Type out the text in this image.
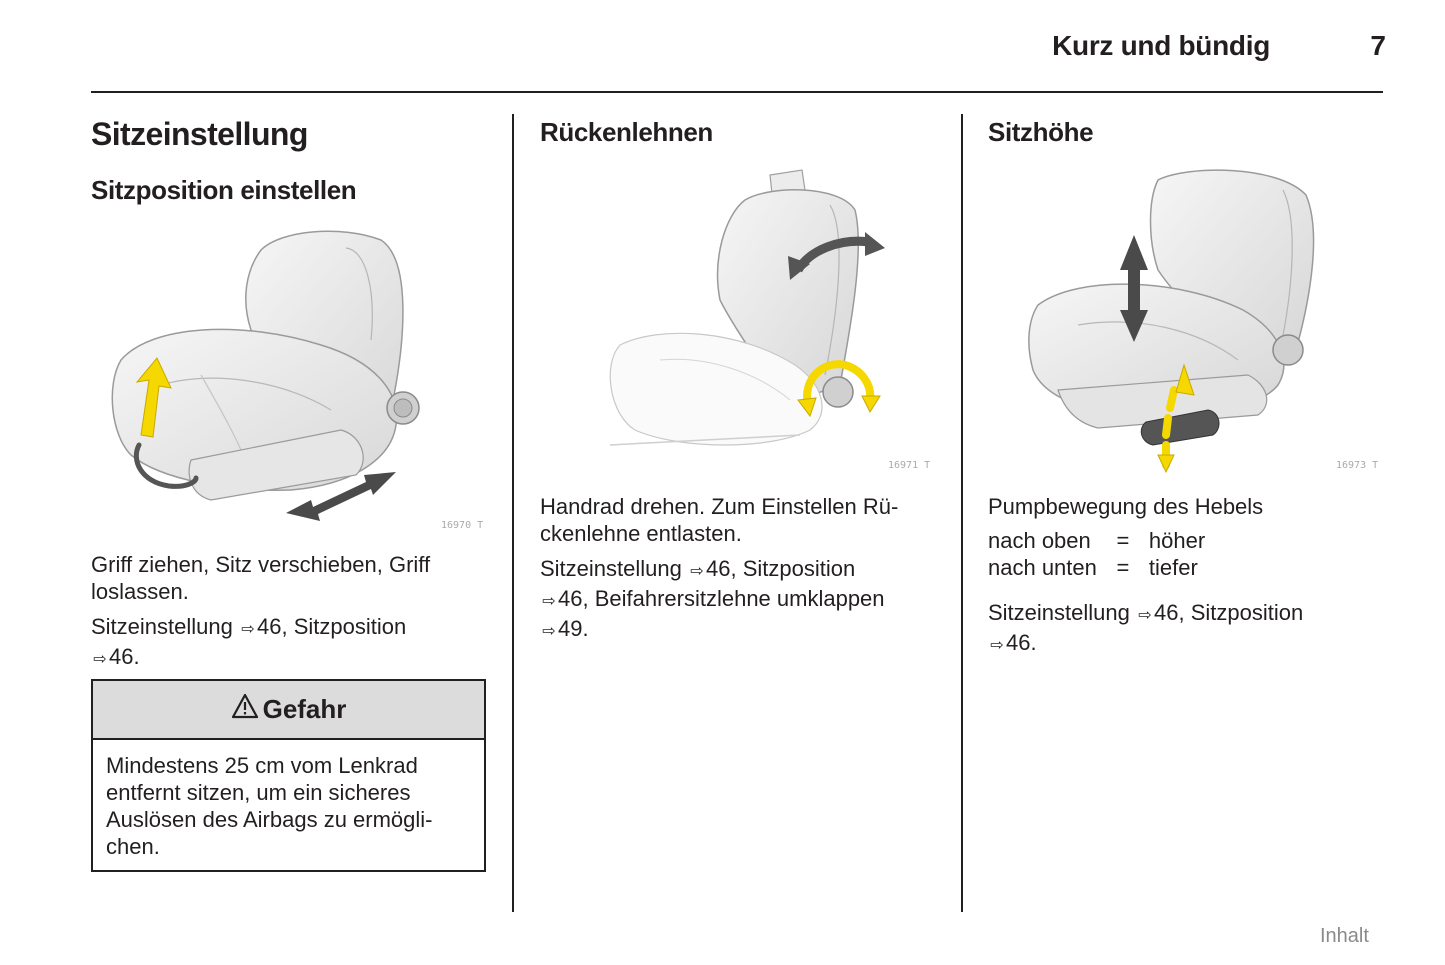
Kurz und bündig	7
Sitzeinstellung
Sitzposition einstellen
16970 T
Griff ziehen, Sitz verschieben, Griff
loslassen.
Sitzeinstellung ⇨ 46, Sitzposition
⇨ 46.
Gefahr
Mindestens 25 cm vom Lenkrad
entfernt sitzen, um ein sicheres
Auslösen des Airbags zu ermögli-
chen.
Rückenlehnen
16971 T
Handrad drehen. Zum Einstellen Rü-
ckenlehne entlasten.
Sitzeinstellung ⇨ 46, Sitzposition
⇨ 46, Beifahrersitzlehne umklappen
⇨ 49.
Sitzhöhe
16973 T
Pumpbewegung des Hebels
nach oben	=	höher
nach unten	=	tiefer
Sitzeinstellung ⇨ 46, Sitzposition
⇨ 46.
Inhalt
